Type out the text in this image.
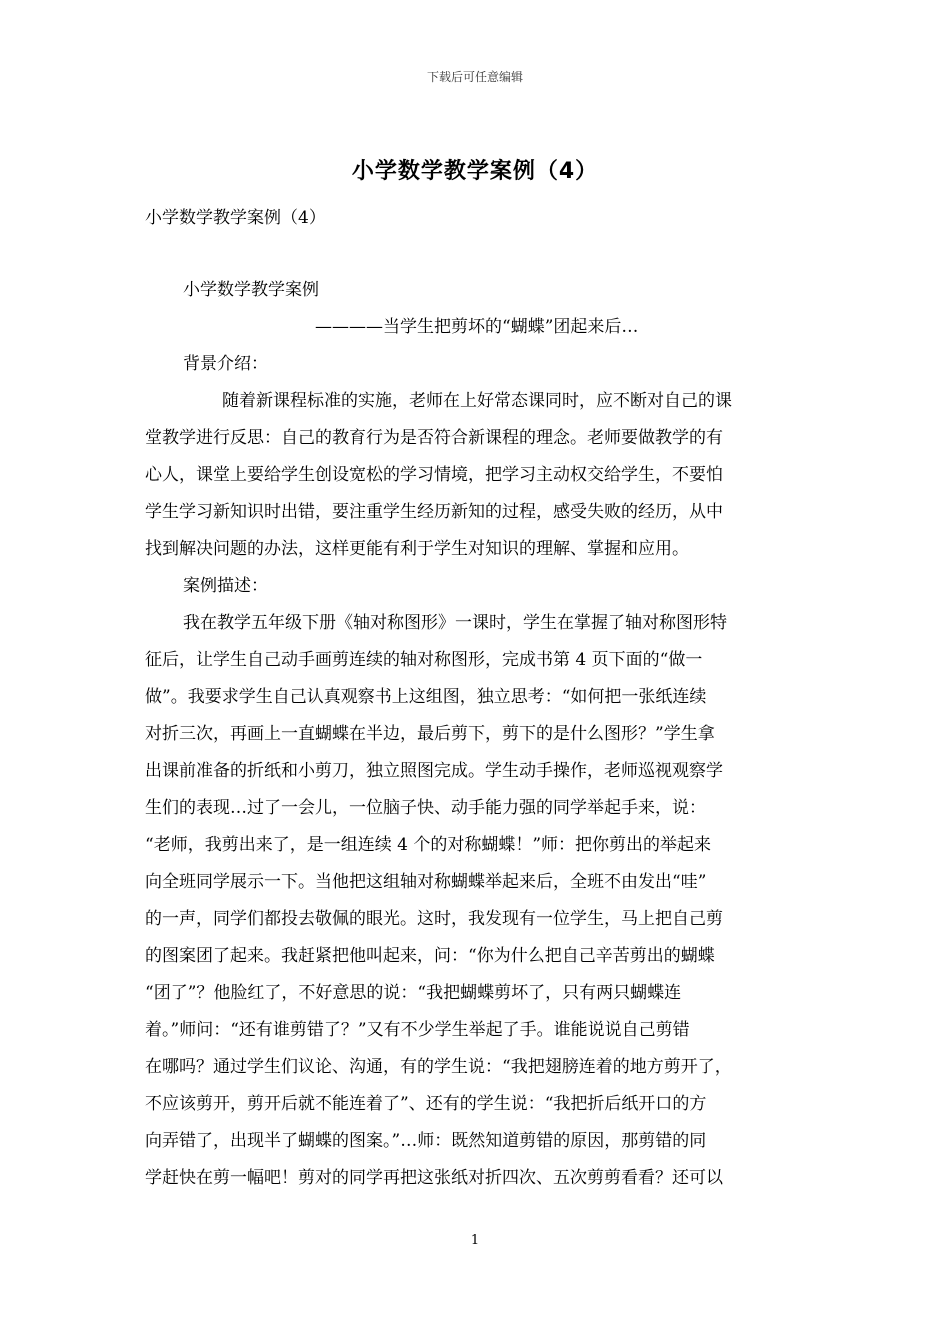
下载后可任意编辑
小学数学教学案例（4）
小学数学教学案例（4）
小学数学教学案例
————当学生把剪坏的“蝴蝶”团起来后…
背景介绍：
随着新课程标准的实施，老师在上好常态课同时，应不断对自己的课
堂教学进行反思：自己的教育行为是否符合新课程的理念。老师要做教学的有
心人，课堂上要给学生创设宽松的学习情境，把学习主动权交给学生，不要怕
学生学习新知识时出错，要注重学生经历新知的过程，感受失败的经历，从中
找到解决问题的办法，这样更能有利于学生对知识的理解、掌握和应用。
案例描述：
我在教学五年级下册《轴对称图形》一课时，学生在掌握了轴对称图形特
征后，让学生自己动手画剪连续的轴对称图形，完成书第 4 页下面的“做一
做”。我要求学生自己认真观察书上这组图，独立思考：“如何把一张纸连续
对折三次，再画上一直蝴蝶在半边，最后剪下，剪下的是什么图形？”学生拿
出课前准备的折纸和小剪刀，独立照图完成。学生动手操作，老师巡视观察学
生们的表现…过了一会儿，一位脑子快、动手能力强的同学举起手来，说：
“老师，我剪出来了，是一组连续 4 个的对称蝴蝶！”师：把你剪出的举起来
向全班同学展示一下。当他把这组轴对称蝴蝶举起来后，全班不由发出“哇”
的一声，同学们都投去敬佩的眼光。这时，我发现有一位学生，马上把自己剪
的图案团了起来。我赶紧把他叫起来，问：“你为什么把自己辛苦剪出的蝴蝶
“团了”？他脸红了，不好意思的说：“我把蝴蝶剪坏了，只有两只蝴蝶连
着。”师问：“还有谁剪错了？”又有不少学生举起了手。谁能说说自己剪错
在哪吗？通过学生们议论、沟通，有的学生说：“我把翅膀连着的地方剪开了，
不应该剪开，剪开后就不能连着了”、还有的学生说：“我把折后纸开口的方
向弄错了，出现半了蝴蝶的图案。”…师：既然知道剪错的原因，那剪错的同
学赶快在剪一幅吧！剪对的同学再把这张纸对折四次、五次剪剪看看？还可以
1
